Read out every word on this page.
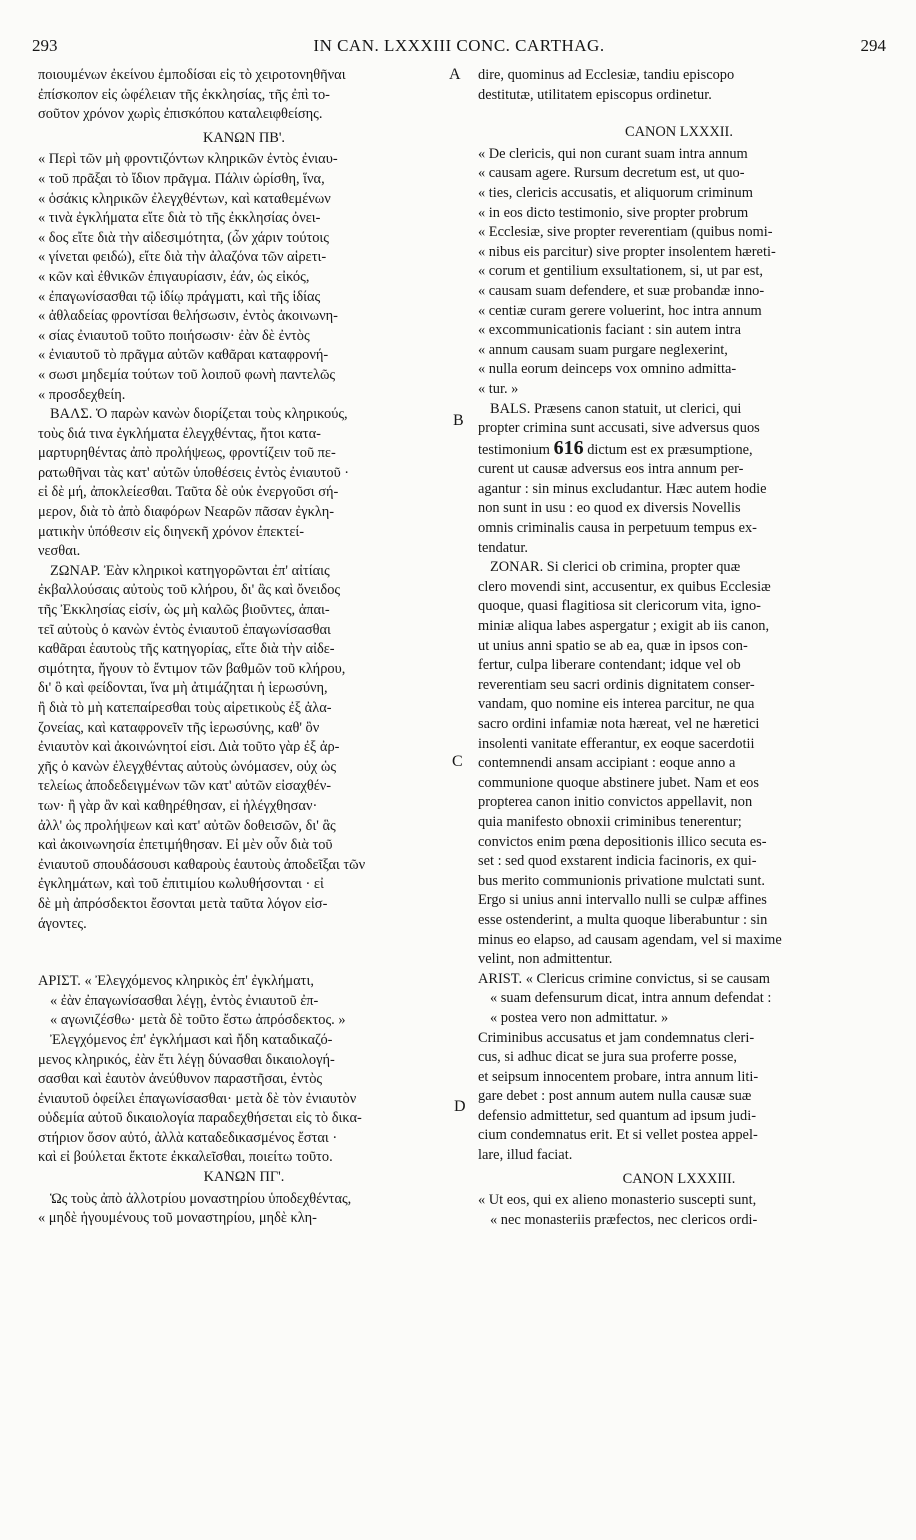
293	IN CAN. LXXXIII CONC. CARTHAG.	294
A
B
C
D
ποιουμένων ἐκείνου ἐμποδίσαι εἰς τὸ χειροτονηθῆναι
ἐπίσκοπον εἰς ὠφέλειαν τῆς ἐκκλησίας, τῆς ἐπὶ το-
σοῦτον χρόνον χωρὶς ἐπισκόπου καταλειφθείσης.
ΚΑΝΩΝ ΠΒ'.
« Περὶ τῶν μὴ φροντιζόντων κληρικῶν ἐντὸς ἐνιαυ-
« τοῦ πρᾶξαι τὸ ἴδιον πρᾶγμα. Πάλιν ὡρίσθη, ἵνα,
« ὁσάκις κληρικῶν ἐλεγχθέντων, καὶ καταθεμένων
« τινὰ ἐγκλήματα εἴτε διὰ τὸ τῆς ἐκκλησίας ὀνει-
« δος εἴτε διὰ τὴν αἰδεσιμότητα, (ὧν χάριν τούτοις
« γίνεται φειδώ), εἴτε διὰ τὴν ἀλαζόνα τῶν αἱρετι-
« κῶν καὶ ἐθνικῶν ἐπιγαυρίασιν, ἐάν, ὡς εἰκός,
« ἐπαγωνίσασθαι τῷ ἰδίῳ πράγματι, καὶ τῆς ἰδίας
« ἀθλαδείας φροντίσαι θελήσωσιν, ἐντὸς ἀκοινωνη-
« σίας ἐνιαυτοῦ τοῦτο ποιήσωσιν· ἐὰν δὲ ἐντὸς
« ἐνιαυτοῦ τὸ πρᾶγμα αὐτῶν καθᾶραι καταφρονή-
« σωσι μηδεμία τούτων τοῦ λοιποῦ φωνὴ παντελῶς
« προσδεχθείη.
ΒΑΛΣ. Ὁ παρὼν κανὼν διορίζεται τοὺς κληρικούς,
τοὺς διά τινα ἐγκλήματα ἐλεγχθέντας, ἤτοι κατα-
μαρτυρηθέντας ἀπὸ προλήψεως, φροντίζειν τοῦ πε-
ρατωθῆναι τὰς κατ' αὐτῶν ὑποθέσεις ἐντὸς ἐνιαυτοῦ ·
εἰ δὲ μή, ἀποκλείεσθαι. Ταῦτα δὲ οὐκ ἐνεργοῦσι σή-
μερον, διὰ τὸ ἀπὸ διαφόρων Νεαρῶν πᾶσαν ἐγκλη-
ματικὴν ὑπόθεσιν εἰς διηνεκῆ χρόνον ἐπεκτεί-
νεσθαι.
ΖΩΝΑΡ. Ἐὰν κληρικοὶ κατηγορῶνται ἐπ' αἰτίαις
ἐκβαλλούσαις αὐτοὺς τοῦ κλήρου, δι' ἃς καὶ ὄνειδος
τῆς Ἐκκλησίας εἰσίν, ὡς μὴ καλῶς βιοῦντες, ἀπαι-
τεῖ αὐτοὺς ὁ κανὼν ἐντὸς ἐνιαυτοῦ ἐπαγωνίσασθαι
καθᾶραι ἑαυτοὺς τῆς κατηγορίας, εἴτε διὰ τὴν αἰδε-
σιμότητα, ἤγουν τὸ ἔντιμον τῶν βαθμῶν τοῦ κλήρου,
δι' ὃ καὶ φείδονται, ἵνα μὴ ἀτιμάζηται ἡ ἱερωσύνη,
ἢ διὰ τὸ μὴ κατεπαίρεσθαι τοὺς αἱρετικοὺς ἐξ ἀλα-
ζονείας, καὶ καταφρονεῖν τῆς ἱερωσύνης, καθ' ὃν
ἐνιαυτὸν καὶ ἀκοινώνητοί εἰσι. Διὰ τοῦτο γὰρ ἐξ ἀρ-
χῆς ὁ κανὼν ἐλεγχθέντας αὐτοὺς ὠνόμασεν, οὐχ ὡς
τελείως ἀποδεδειγμένων τῶν κατ' αὐτῶν εἰσαχθέν-
των· ἢ γὰρ ἂν καὶ καθηρέθησαν, εἰ ἠλέγχθησαν·
ἀλλ' ὡς προλήψεων καὶ κατ' αὐτῶν δοθεισῶν, δι' ἃς
καὶ ἀκοινωνησία ἐπετιμήθησαν. Εἰ μὲν οὖν διὰ τοῦ
ἐνιαυτοῦ σπουδάσουσι καθαροὺς ἑαυτοὺς ἀποδεῖξαι τῶν
ἐγκλημάτων, καὶ τοῦ ἐπιτιμίου κωλυθήσονται · εἰ
δὲ μὴ ἀπρόσδεκτοι ἔσονται μετὰ ταῦτα λόγον εἰσ-
άγοντες.
ΑΡΙΣΤ. « Ἐλεγχόμενος κληρικὸς ἐπ' ἐγκλήματι,
« ἐὰν ἐπαγωνίσασθαι λέγῃ, ἐντὸς ἐνιαυτοῦ ἐπ-
« αγωνιζέσθω· μετὰ δὲ τοῦτο ἔστω ἀπρόσδεκτος. »
Ἐλεγχόμενος ἐπ' ἐγκλήμασι καὶ ἤδη καταδικαζό-
μενος κληρικός, ἐὰν ἔτι λέγῃ δύνασθαι δικαιολογή-
σασθαι καὶ ἑαυτὸν ἀνεύθυνον παραστῆσαι, ἐντὸς
ἐνιαυτοῦ ὀφείλει ἐπαγωνίσασθαι· μετὰ δὲ τὸν ἐνιαυτὸν
οὐδεμία αὐτοῦ δικαιολογία παραδεχθήσεται εἰς τὸ δικα-
στήριον ὅσον αὐτό, ἀλλὰ καταδεδικασμένος ἔσται ·
καὶ εἰ βούλεται ἔκτοτε ἐκκαλεῖσθαι, ποιείτω τοῦτο.
ΚΑΝΩΝ ΠΓ'.
Ὡς τοὺς ἀπὸ ἀλλοτρίου μοναστηρίου ὑποδεχθέντας,
« μηδὲ ἡγουμένους τοῦ μοναστηρίου, μηδὲ κλη-
dire, quominus ad Ecclesiæ, tandiu episcopo
destitutæ, utilitatem episcopus ordinetur.
CANON LXXXII.
« De clericis, qui non curant suam intra annum
« causam agere. Rursum decretum est, ut quo-
« ties, clericis accusatis, et aliquorum criminum
« in eos dicto testimonio, sive propter probrum
« Ecclesiæ, sive propter reverentiam (quibus nomi-
« nibus eis parcitur) sive propter insolentem hæreti-
« corum et gentilium exsultationem, si, ut par est,
« causam suam defendere, et suæ probandæ inno-
« centiæ curam gerere voluerint, hoc intra annum
« excommunicationis faciant : sin autem intra
« annum causam suam purgare neglexerint,
« nulla eorum deinceps vox omnino admitta-
« tur. »
BALS. Præsens canon statuit, ut clerici, qui
propter crimina sunt accusati, sive adversus quos
testimonium 616 dictum est ex præsumptione,
curent ut causæ adversus eos intra annum per-
agantur : sin minus excludantur. Hæc autem hodie
non sunt in usu : eo quod ex diversis Novellis
omnis criminalis causa in perpetuum tempus ex-
tendatur.
ZONAR. Si clerici ob crimina, propter quæ
clero movendi sint, accusentur, ex quibus Ecclesiæ
quoque, quasi flagitiosa sit clericorum vita, igno-
miniæ aliqua labes aspergatur ; exigit ab iis canon,
ut unius anni spatio se ab ea, quæ in ipsos con-
fertur, culpa liberare contendant; idque vel ob
reverentiam seu sacri ordinis dignitatem conser-
vandam, quo nomine eis interea parcitur, ne qua
sacro ordini infamiæ nota hæreat, vel ne hæretici
insolenti vanitate efferantur, ex eoque sacerdotii
contemnendi ansam accipiant : eoque anno a
communione quoque abstinere jubet. Nam et eos
propterea canon initio convictos appellavit, non
quia manifesto obnoxii criminibus tenerentur;
convictos enim pœna depositionis illico secuta es-
set : sed quod exstarent indicia facinoris, ex qui-
bus merito communionis privatione mulctati sunt.
Ergo si unius anni intervallo nulli se culpæ affines
esse ostenderint, a multa quoque liberabuntur : sin
minus eo elapso, ad causam agendam, vel si maxime
velint, non admittentur.
ARIST. « Clericus crimine convictus, si se causam
« suam defensurum dicat, intra annum defendat :
« postea vero non admittatur. »
Criminibus accusatus et jam condemnatus cleri-
cus, si adhuc dicat se jura sua proferre posse,
et seipsum innocentem probare, intra annum liti-
gare debet : post annum autem nulla causæ suæ
defensio admittetur, sed quantum ad ipsum judi-
cium condemnatus erit. Et si vellet postea appel-
lare, illud faciat.
CANON LXXXIII.
« Ut eos, qui ex alieno monasterio suscepti sunt,
« nec monasteriis præfectos, nec clericos ordi-
